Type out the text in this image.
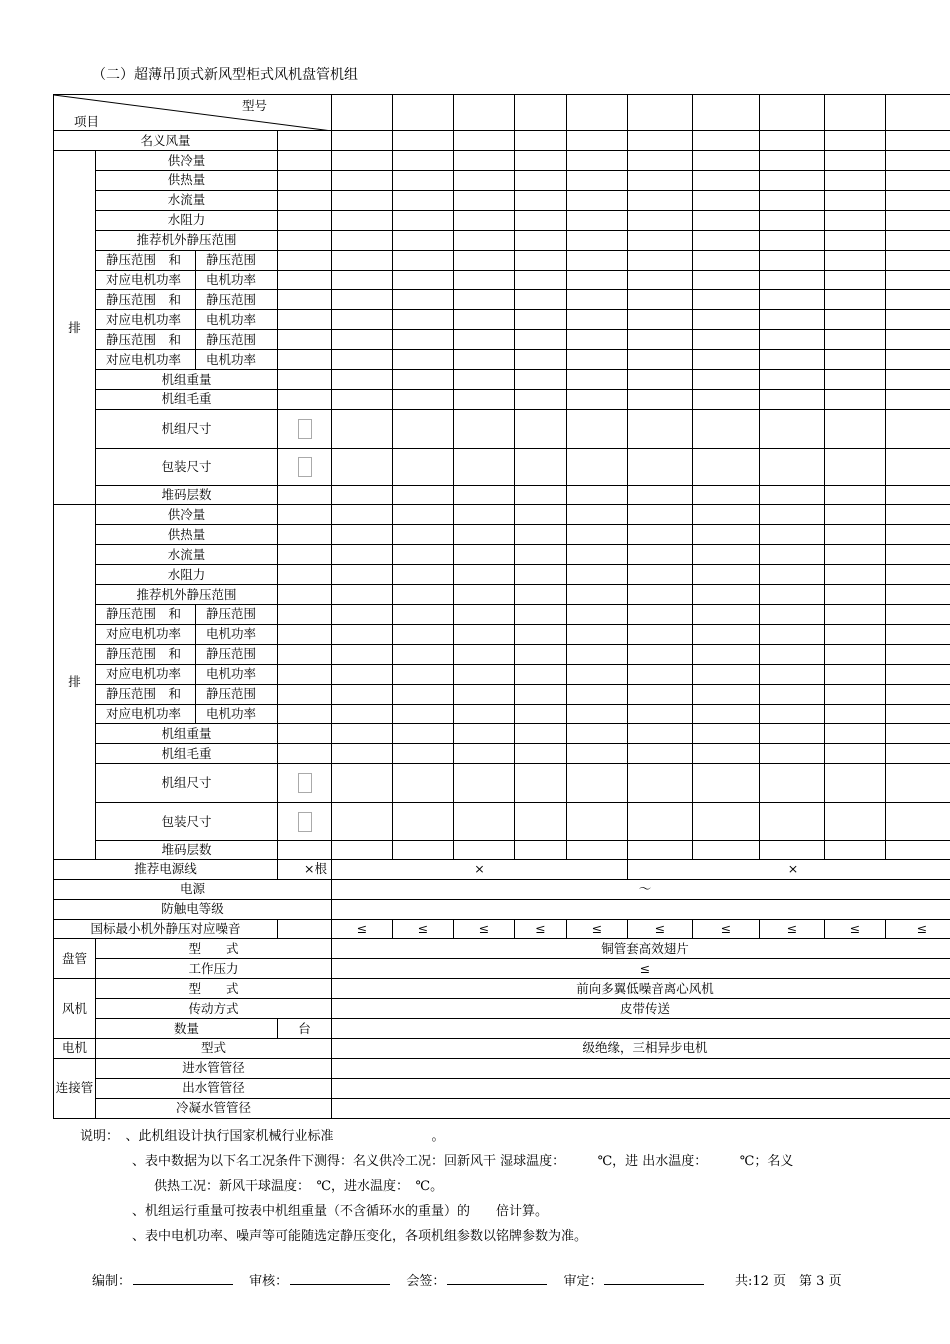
（二）超薄吊顶式新风型柜式风机盘管机组
型号
项目													

名义风量													
排	供冷量												
	供热量												
	水流量												
	水阻力												
	推荐机外静压范围												
	静压范围　和	静压范围											
	对应电机功率	电机功率											
	静压范围　和	静压范围											
	对应电机功率	电机功率											
	静压范围　和	静压范围											
	对应电机功率	电机功率											
	机组重量												
	机组毛重												
	机组尺寸												
	包装尺寸												
	堆码层数												
排	供冷量												
	供热量												
	水流量												
	水阻力												
	推荐机外静压范围												
	静压范围　和	静压范围											
	对应电机功率	电机功率											
	静压范围　和	静压范围											
	对应电机功率	电机功率											
	静压范围　和	静压范围											
	对应电机功率	电机功率											
	机组重量												
	机组毛重												
	机组尺寸												
	包装尺寸												
	堆码层数												
推荐电源线			×根	×					×				
电源				～									
防触电等级													
国标最小机外静压对应噪音				≤	≤	≤	≤	≤	≤	≤	≤	≤	≤
盘管	型　　式			铜管套高效翅片									
	工作压力			≤									
风机	型　　式			前向多翼低噪音离心风机									
	传动方式			皮带传送									
	数量		台										
电机	型式			级绝缘，三相异步电机									
连接管	进水管管径												
	出水管管径												
	冷凝水管管径												
说明：　 、此机组设计执行国家机械行业标准	。
、表中数据为以下名工况条件下测得：名义供冷工况：回新风干 湿球温度：　　　℃，进 出水温度：　　　℃；名义
供热工况：新风干球温度：　℃，进水温度：　℃。
、机组运行重量可按表中机组重量（不含循环水的重量）的　　倍计算。
、表中电机功率、噪声等可能随选定静压变化，各项机组参数以铭牌参数为准。
编制：	审核：	会签：	审定：	共:12 页　第 3 页
